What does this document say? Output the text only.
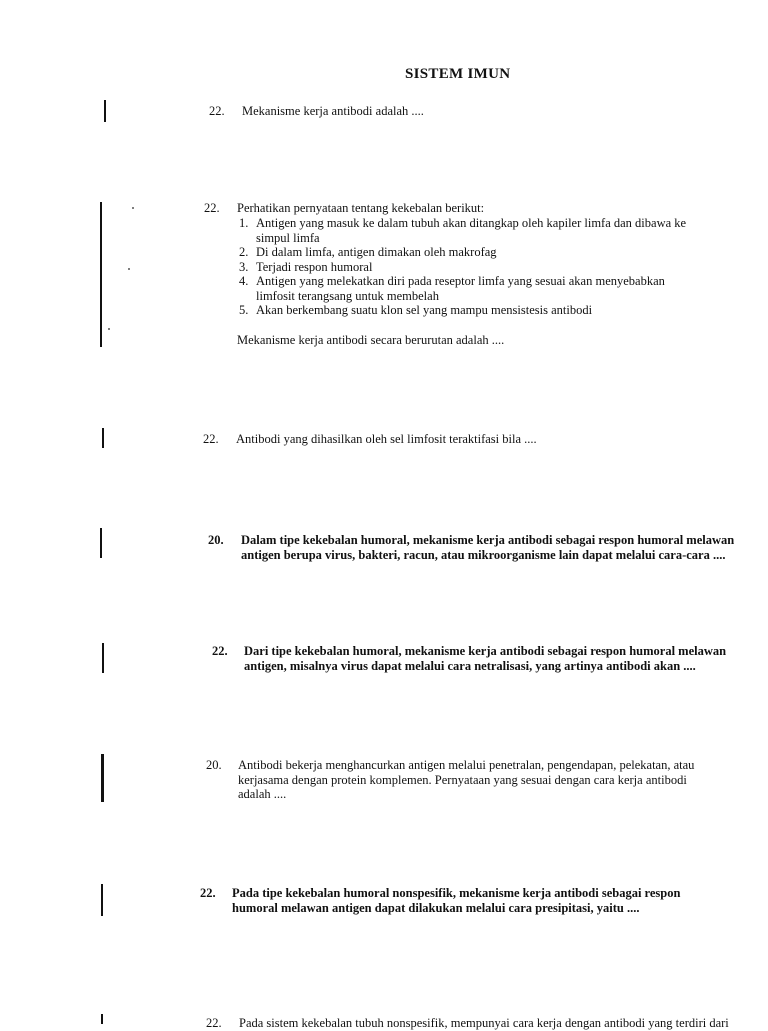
SISTEM IMUN
22. Mekanisme kerja antibodi adalah ....
22. Perhatikan pernyataan tentang kekebalan berikut:
1. Antigen yang masuk ke dalam tubuh akan ditangkap oleh kapiler limfa dan dibawa ke
simpul limfa
2. Di dalam limfa, antigen dimakan oleh makrofag
3. Terjadi respon humoral
4. Antigen yang melekatkan diri pada reseptor limfa yang sesuai akan menyebabkan
limfosit terangsang untuk membelah
5. Akan berkembang suatu klon sel yang mampu mensistesis antibodi
Mekanisme kerja antibodi secara berurutan adalah ....
22. Antibodi yang dihasilkan oleh sel limfosit teraktifasi bila ....
20. Dalam tipe kekebalan humoral, mekanisme kerja antibodi sebagai respon humoral melawan
antigen berupa virus, bakteri, racun, atau mikroorganisme lain dapat melalui cara-cara ....
22. Dari tipe kekebalan humoral, mekanisme kerja antibodi sebagai respon humoral melawan
antigen, misalnya virus dapat melalui cara netralisasi, yang artinya antibodi akan ....
20. Antibodi bekerja menghancurkan antigen melalui penetralan, pengendapan, pelekatan, atau
kerjasama dengan protein komplemen. Pernyataan yang sesuai dengan cara kerja antibodi
adalah ....
22. Pada tipe kekebalan humoral nonspesifik, mekanisme kerja antibodi sebagai respon
humoral melawan antigen dapat dilakukan melalui cara presipitasi, yaitu ....
22. Pada sistem kekebalan tubuh nonspesifik, mempunyai cara kerja dengan antibodi yang terdiri dari
